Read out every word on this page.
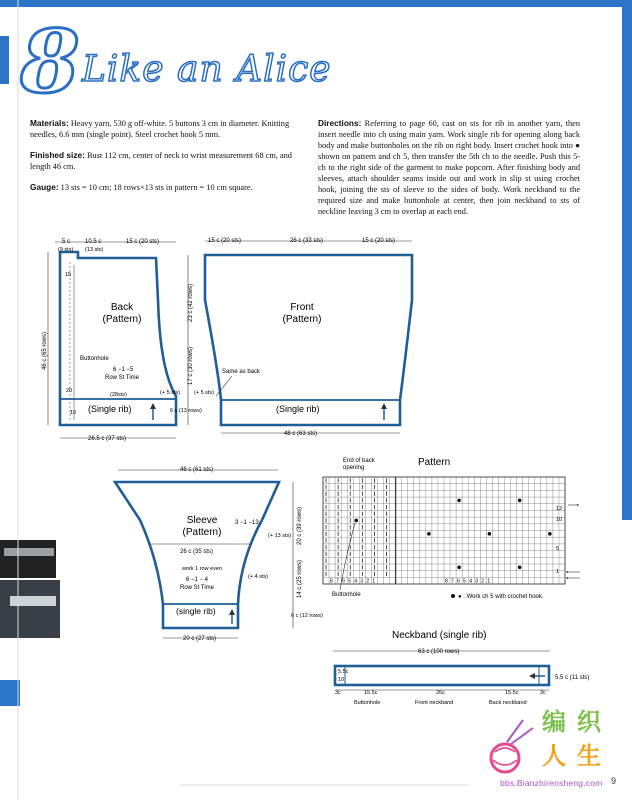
8 Like an Alice

Materials: Heavy yarn, 530 g off-white. 5 buttons 3 cm in diameter. Knitting needles, 6.6 mm (single point). Steel crochet hook 5 mm.

Finished size: Bust 112 cm, center of neck to wrist measurement 68 cm, and length 46 cm.

Gauge: 13 sts = 10 cm; 18 rows×13 sts in pattern = 10 cm square.

Directions: Referring to page 60, cast on sts for rib in another yarn, then insert needle into ch using main yarn. Work single rib for opening along back body and make buttonholes on the rib on right body. Insert crochet hook into ● shown on pattern and ch 5, then transfer the 5th ch to the needle. Push this 5-ch to the right side of the garment to make popcorn. After finishing body and sleeves, attach shoulder seams inside out and work in slip st using crochet hook, joining the sts of sleeve to the sides of body. Work neckband to the required size and make buttonhole at center, then join neckband to sts of neckline leaving 3 cm to overlap at each end.
Back
(Pattern)
Buttonhole
6 −1 −5
Row St Time
(28sts)
(Single rib)
15
20
10
5 c
(9 sts)
10.5 c
(13 sts)
15 c (20 sts)
46 c (65 rows)
26.5 c (37 sts)
Front
(Pattern)
Same as back
(Single rib)
15 c (20 sts)	26 c (33 sts)	15 c (20 sts)
23 c (42 rows)
17 c (30 rows)
(+ 5 sts)	(+ 5 sts)
6 c (13 rows)
48 c (63 sts)
46 c (61 sts)
Sleeve
(Pattern)
3 −1 −13
(+ 13 sts)
26 c (35 sts)
work 1 row even
6 −1 − 4
Row St Time
(+ 4 sts)
(single rib)
20 c (39 rows)
14 c (25 rows)
6 c (12 rows)
20 c (27 sts)
Pattern
End of back
opening
8 7 6 5 4 3 2 1	8 7 6 5 4 3 2 1
12
10
5
1
Buttonhole	● : Work ch 5 with crochet hook.
Neckband (single rib)
63 c (100 rows)
5.5c
10	5.5 c (11 sts)
3c	15.5c	26c	15.5c	3c
Buttonhole	Front neckband	Back neckband
编 织
人 生
bbs.Bianzhirensheng.com 9
